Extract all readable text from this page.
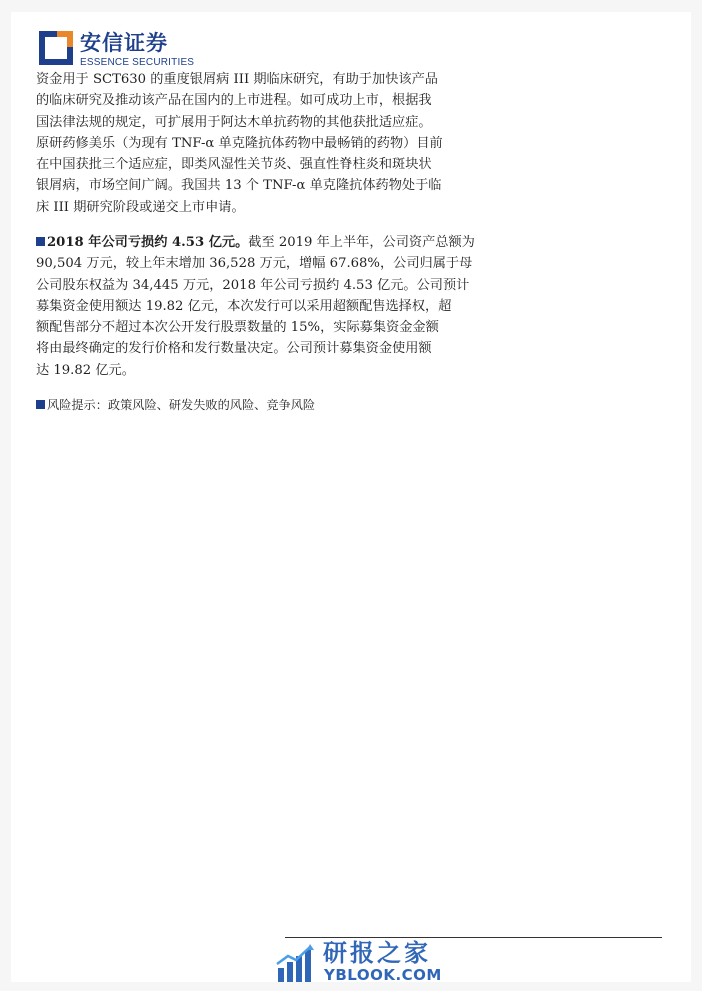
安信证券
ESSENCE SECURITIES
资金用于 SCT630 的重度银屑病 III 期临床研究，有助于加快该产品
的临床研究及推动该产品在国内的上市进程。如可成功上市，根据我
国法律法规的规定，可扩展用于阿达木单抗药物的其他获批适应症。
原研药修美乐（为现有 TNF-α 单克隆抗体药物中最畅销的药物）目前
在中国获批三个适应症，即类风湿性关节炎、强直性脊柱炎和斑块状
银屑病，市场空间广阔。我国共 13 个 TNF-α 单克隆抗体药物处于临
床 III 期研究阶段或递交上市申请。
2018 年公司亏损约 4.53 亿元。截至 2019 年上半年，公司资产总额为
90,504 万元，较上年末增加 36,528 万元，增幅 67.68%，公司归属于母
公司股东权益为 34,445 万元，2018 年公司亏损约 4.53 亿元。公司预计
募集资金使用额达 19.82 亿元，本次发行可以采用超额配售选择权，超
额配售部分不超过本次公开发行股票数量的 15%，实际募集资金金额
将由最终确定的发行价格和发行数量决定。公司预计募集资金使用额
达 19.82 亿元。
风险提示：政策风险、研发失败的风险、竞争风险
研报之家
YBLOOK.COM
